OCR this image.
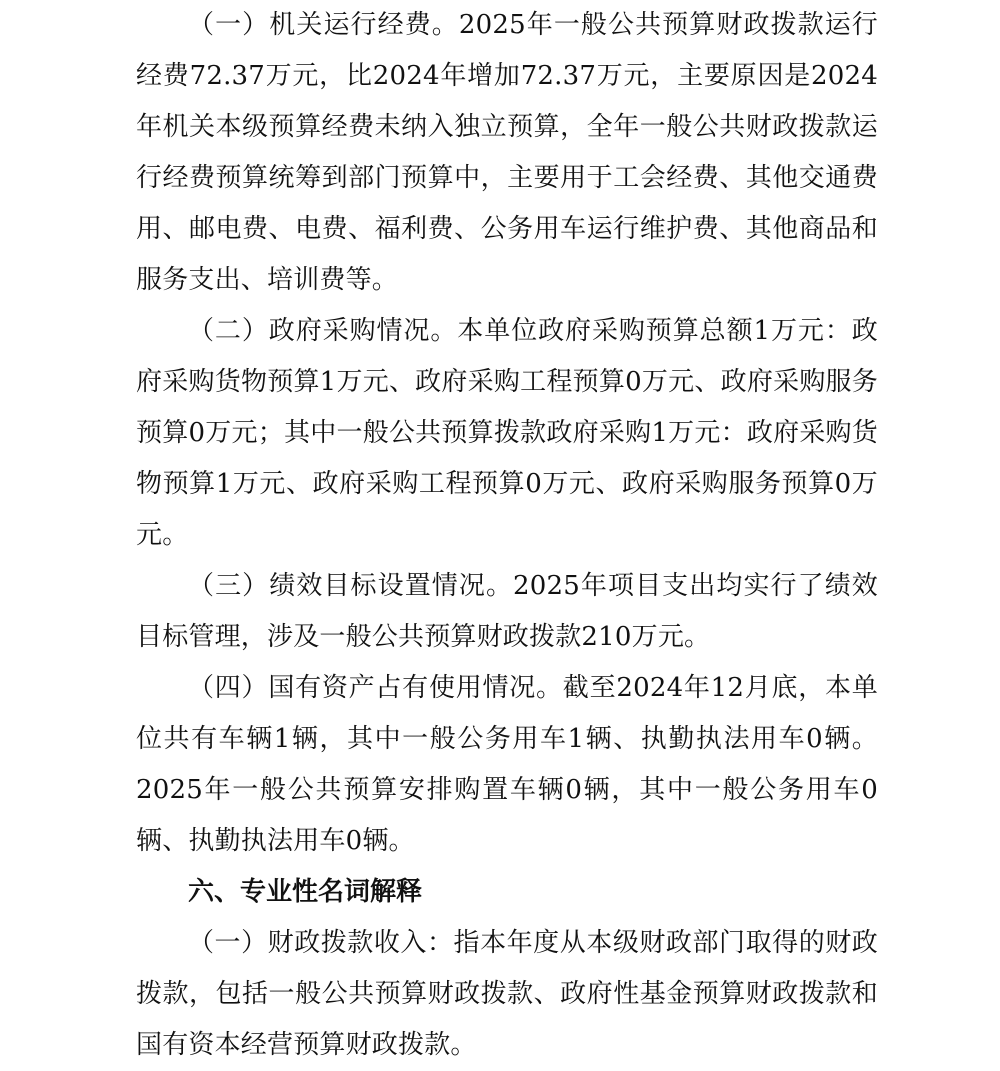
（一）机关运行经费。2025年一般公共预算财政拨款运行经费72.37万元，比2024年增加72.37万元，主要原因是2024年机关本级预算经费未纳入独立预算，全年一般公共财政拨款运行经费预算统筹到部门预算中，主要用于工会经费、其他交通费用、邮电费、电费、福利费、公务用车运行维护费、其他商品和服务支出、培训费等。

（二）政府采购情况。本单位政府采购预算总额1万元：政府采购货物预算1万元、政府采购工程预算0万元、政府采购服务预算0万元；其中一般公共预算拨款政府采购1万元：政府采购货物预算1万元、政府采购工程预算0万元、政府采购服务预算0万元。

（三）绩效目标设置情况。2025年项目支出均实行了绩效目标管理，涉及一般公共预算财政拨款210万元。

（四）国有资产占有使用情况。截至2024年12月底，本单位共有车辆1辆，其中一般公务用车1辆、执勤执法用车0辆。2025年一般公共预算安排购置车辆0辆，其中一般公务用车0辆、执勤执法用车0辆。

六、专业性名词解释

（一）财政拨款收入：指本年度从本级财政部门取得的财政拨款，包括一般公共预算财政拨款、政府性基金预算财政拨款和国有资本经营预算财政拨款。
